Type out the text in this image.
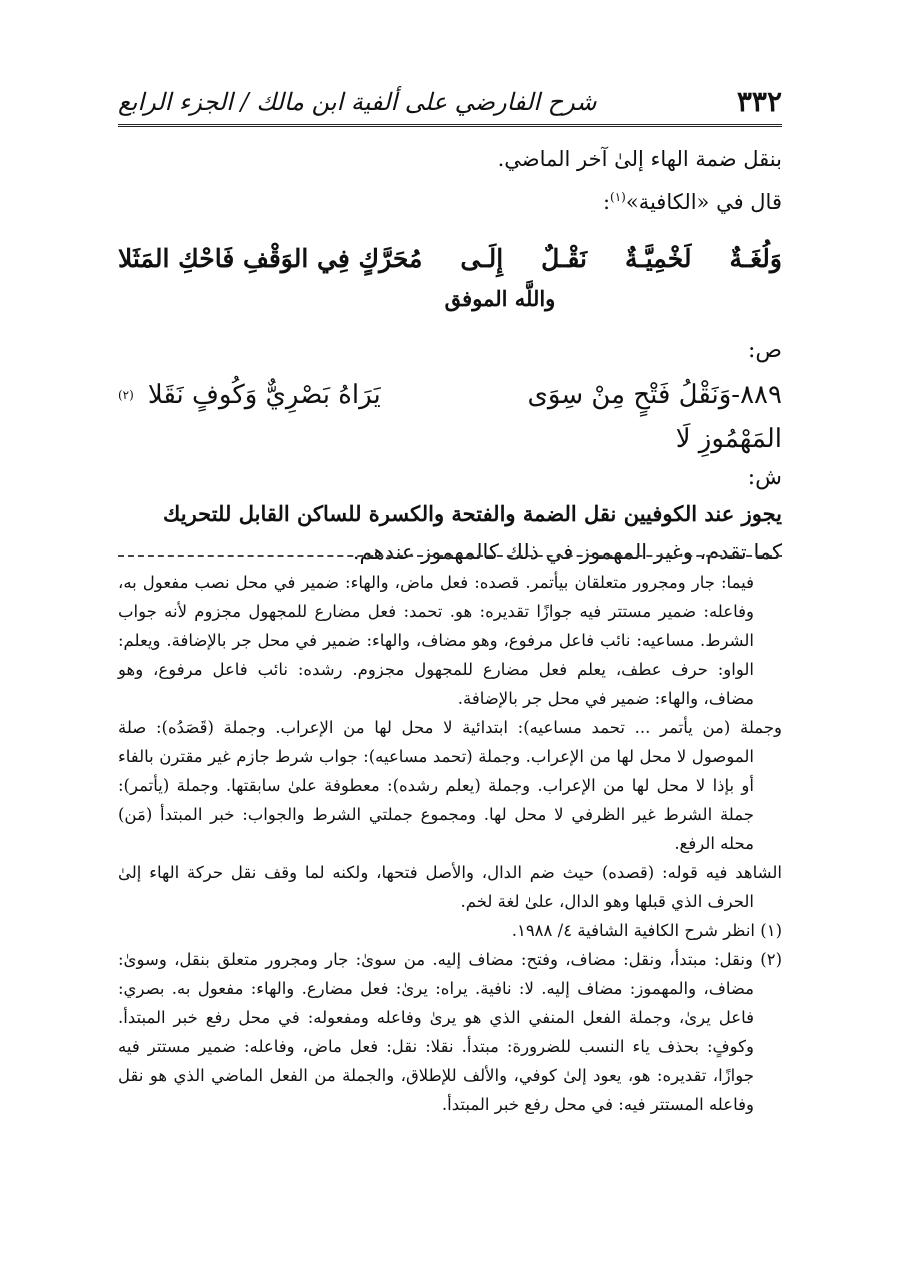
٣٣٢
شرح الفارضي على ألفية ابن مالك / الجزء الرابع

بنقل ضمة الهاء إلىٰ آخر الماضي.

قال في «الكافية»$^{(١)}$:

وَلُغَـةٌ
لَخْمِيَّـةٌ
نَقْـلٌ
إِلَـى
مُحَرَّكٍ فِي الوَقْفِ فَاحْكِ المَثَلا
واللَّه الموفق
ص:
٨٨٩-وَنَقْلُ فَتْحٍ مِنْ سِوَى المَهْمُوزِ لَا
يَرَاهُ بَصْرِيٌّ وَكُوفٍ نَقَلا
(٢)
ش:

يجوز عند الكوفيين نقل الضمة والفتحة والكسرة للساكن القابل للتحريك

كما تقدم، وغير المهموز في ذلك كالمهموز عندهم.

فيما: جار ومجرور متعلقان بيأتمر. قصده: فعل ماض، والهاء: ضمير في محل نصب مفعول به، وفاعله: ضمير مستتر فيه جوازًا تقديره: هو. تحمد: فعل مضارع للمجهول مجزوم لأنه جواب الشرط. مساعيه: نائب فاعل مرفوع، وهو مضاف، والهاء: ضمير في محل جر بالإضافة. ويعلم: الواو: حرف عطف، يعلم فعل مضارع للمجهول مجزوم. رشده: نائب فاعل مرفوع، وهو مضاف، والهاء: ضمير في محل جر بالإضافة.

وجملة (من يأتمر ... تحمد مساعيه): ابتدائية لا محل لها من الإعراب. وجملة (قَصَدُه): صلة الموصول لا محل لها من الإعراب. وجملة (تحمد مساعيه): جواب شرط جازم غير مقترن بالفاء أو بإذا لا محل لها من الإعراب. وجملة (يعلم رشده): معطوفة علىٰ سابقتها. وجملة (يأتمر): جملة الشرط غير الظرفي لا محل لها. ومجموع جملتي الشرط والجواب: خبر المبتدأ (مَن) محله الرفع.

الشاهد فيه قوله: (قصده) حيث ضم الدال، والأصل فتحها، ولكنه لما وقف نقل حركة الهاء إلىٰ الحرف الذي قبلها وهو الدال، علىٰ لغة لخم.

(١) انظر شرح الكافية الشافية ٤/ ١٩٨٨.

(٢) ونقل: مبتدأ، ونقل: مضاف، وفتح: مضاف إليه. من سوىٰ: جار ومجرور متعلق بنقل، وسوىٰ: مضاف، والمهموز: مضاف إليه. لا: نافية. يراه: يرىٰ: فعل مضارع. والهاء: مفعول به. بصري: فاعل يرىٰ، وجملة الفعل المنفي الذي هو يرىٰ وفاعله ومفعوله: في محل رفع خبر المبتدأ. وكوفٍ: بحذف ياء النسب للضرورة: مبتدأ. نقلا: نقل: فعل ماض، وفاعله: ضمير مستتر فيه جوازًا، تقديره: هو، يعود إلىٰ كوفي، والألف للإطلاق، والجملة من الفعل الماضي الذي هو نقل وفاعله المستتر فيه: في محل رفع خبر المبتدأ.
